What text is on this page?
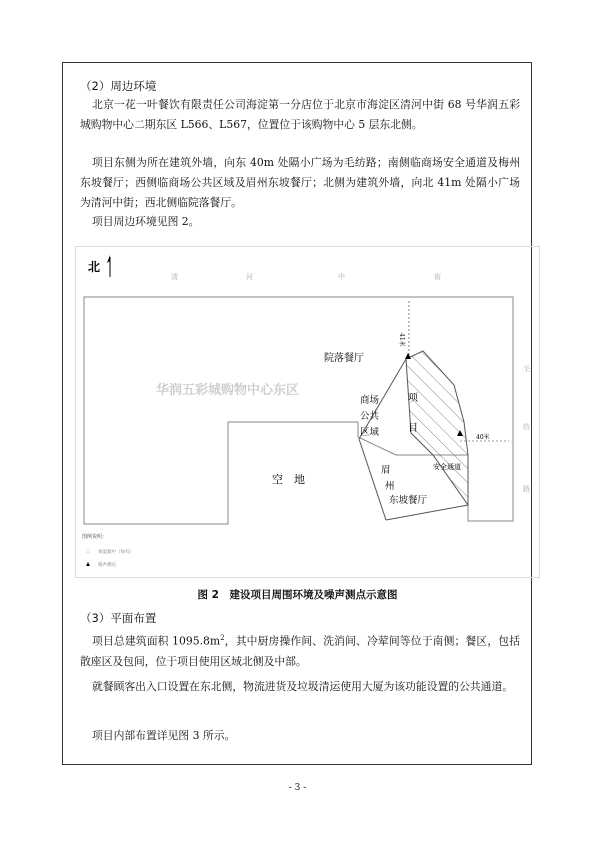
（2）周边环境
北京一花一叶餐饮有限责任公司海淀第一分店位于北京市海淀区清河中街 68 号华润五彩城购物中心二期东区 L566、L567，位置位于该购物中心 5 层东北侧。
项目东侧为所在建筑外墙，向东 40m 处隔小广场为毛纺路；南侧临商场安全通道及梅州东坡餐厅；西侧临商场公共区域及眉州东坡餐厅；北侧为建筑外墙，向北 41m 处隔小广场为清河中街；西北侧临院落餐厅。
项目周边环境见图 2。
北
清	河	中	街
毛
纺
路
华润五彩城购物中心东区
41米
40米
院落餐厅
商场
公共
区域
项
目
空　地
眉
州
东坡餐厅
安全通道
图例说明：
加湿器中（如有）
噪声测点
图 2　建设项目周围环境及噪声测点示意图
（3）平面布置
项目总建筑面积 $1095.8m^2$，其中厨房操作间、洗消间、冷荤间等位于南侧；餐区，包括散座区及包间，位于项目使用区域北侧及中部。
就餐顾客出入口设置在东北侧，物流进货及垃圾清运使用大厦为该功能设置的公共通道。
项目内部布置详见图 3 所示。
- 3 -
